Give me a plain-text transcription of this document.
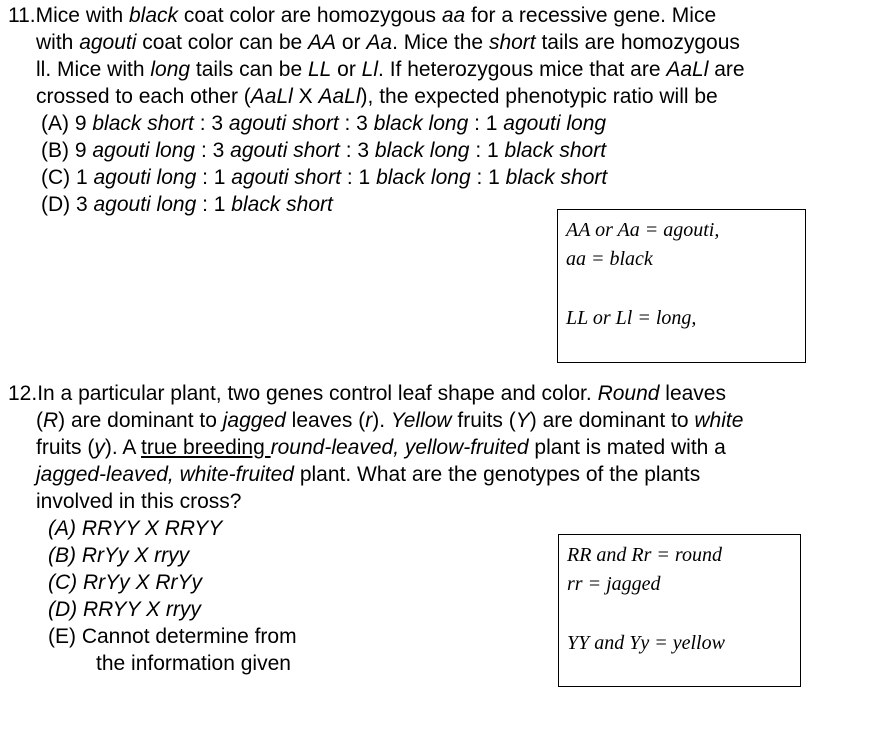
11.Mice with black coat color are homozygous aa for a recessive gene. Mice

with agouti coat color can be AA or Aa. Mice the short tails are homozygous

ll. Mice with long tails can be LL or Ll. If heterozygous mice that are AaLl are

crossed to each other (AaLl X AaLl), the expected phenotypic ratio will be

(A) 9 black short : 3 agouti short : 3 black long : 1 agouti long

(B) 9 agouti long : 3 agouti short : 3 black long : 1 black short

(C) 1 agouti long : 1 agouti short : 1 black long : 1 black short

(D) 3 agouti long : 1 black short

AA or Aa = agouti,

aa = black

LL or Ll = long,

12.In a particular plant, two genes control leaf shape and color. Round leaves

(R) are dominant to jagged leaves (r). Yellow fruits (Y) are dominant to white

fruits (y). A true breeding round-leaved, yellow-fruited plant is mated with a

jagged-leaved, white-fruited plant. What are the genotypes of the plants

involved in this cross?

(A) RRYY X RRYY

(B) RrYy X rryy

(C) RrYy X RrYy

(D) RRYY X rryy

(E) Cannot determine from

the information given

RR and Rr = round

rr = jagged

YY and Yy = yellow
